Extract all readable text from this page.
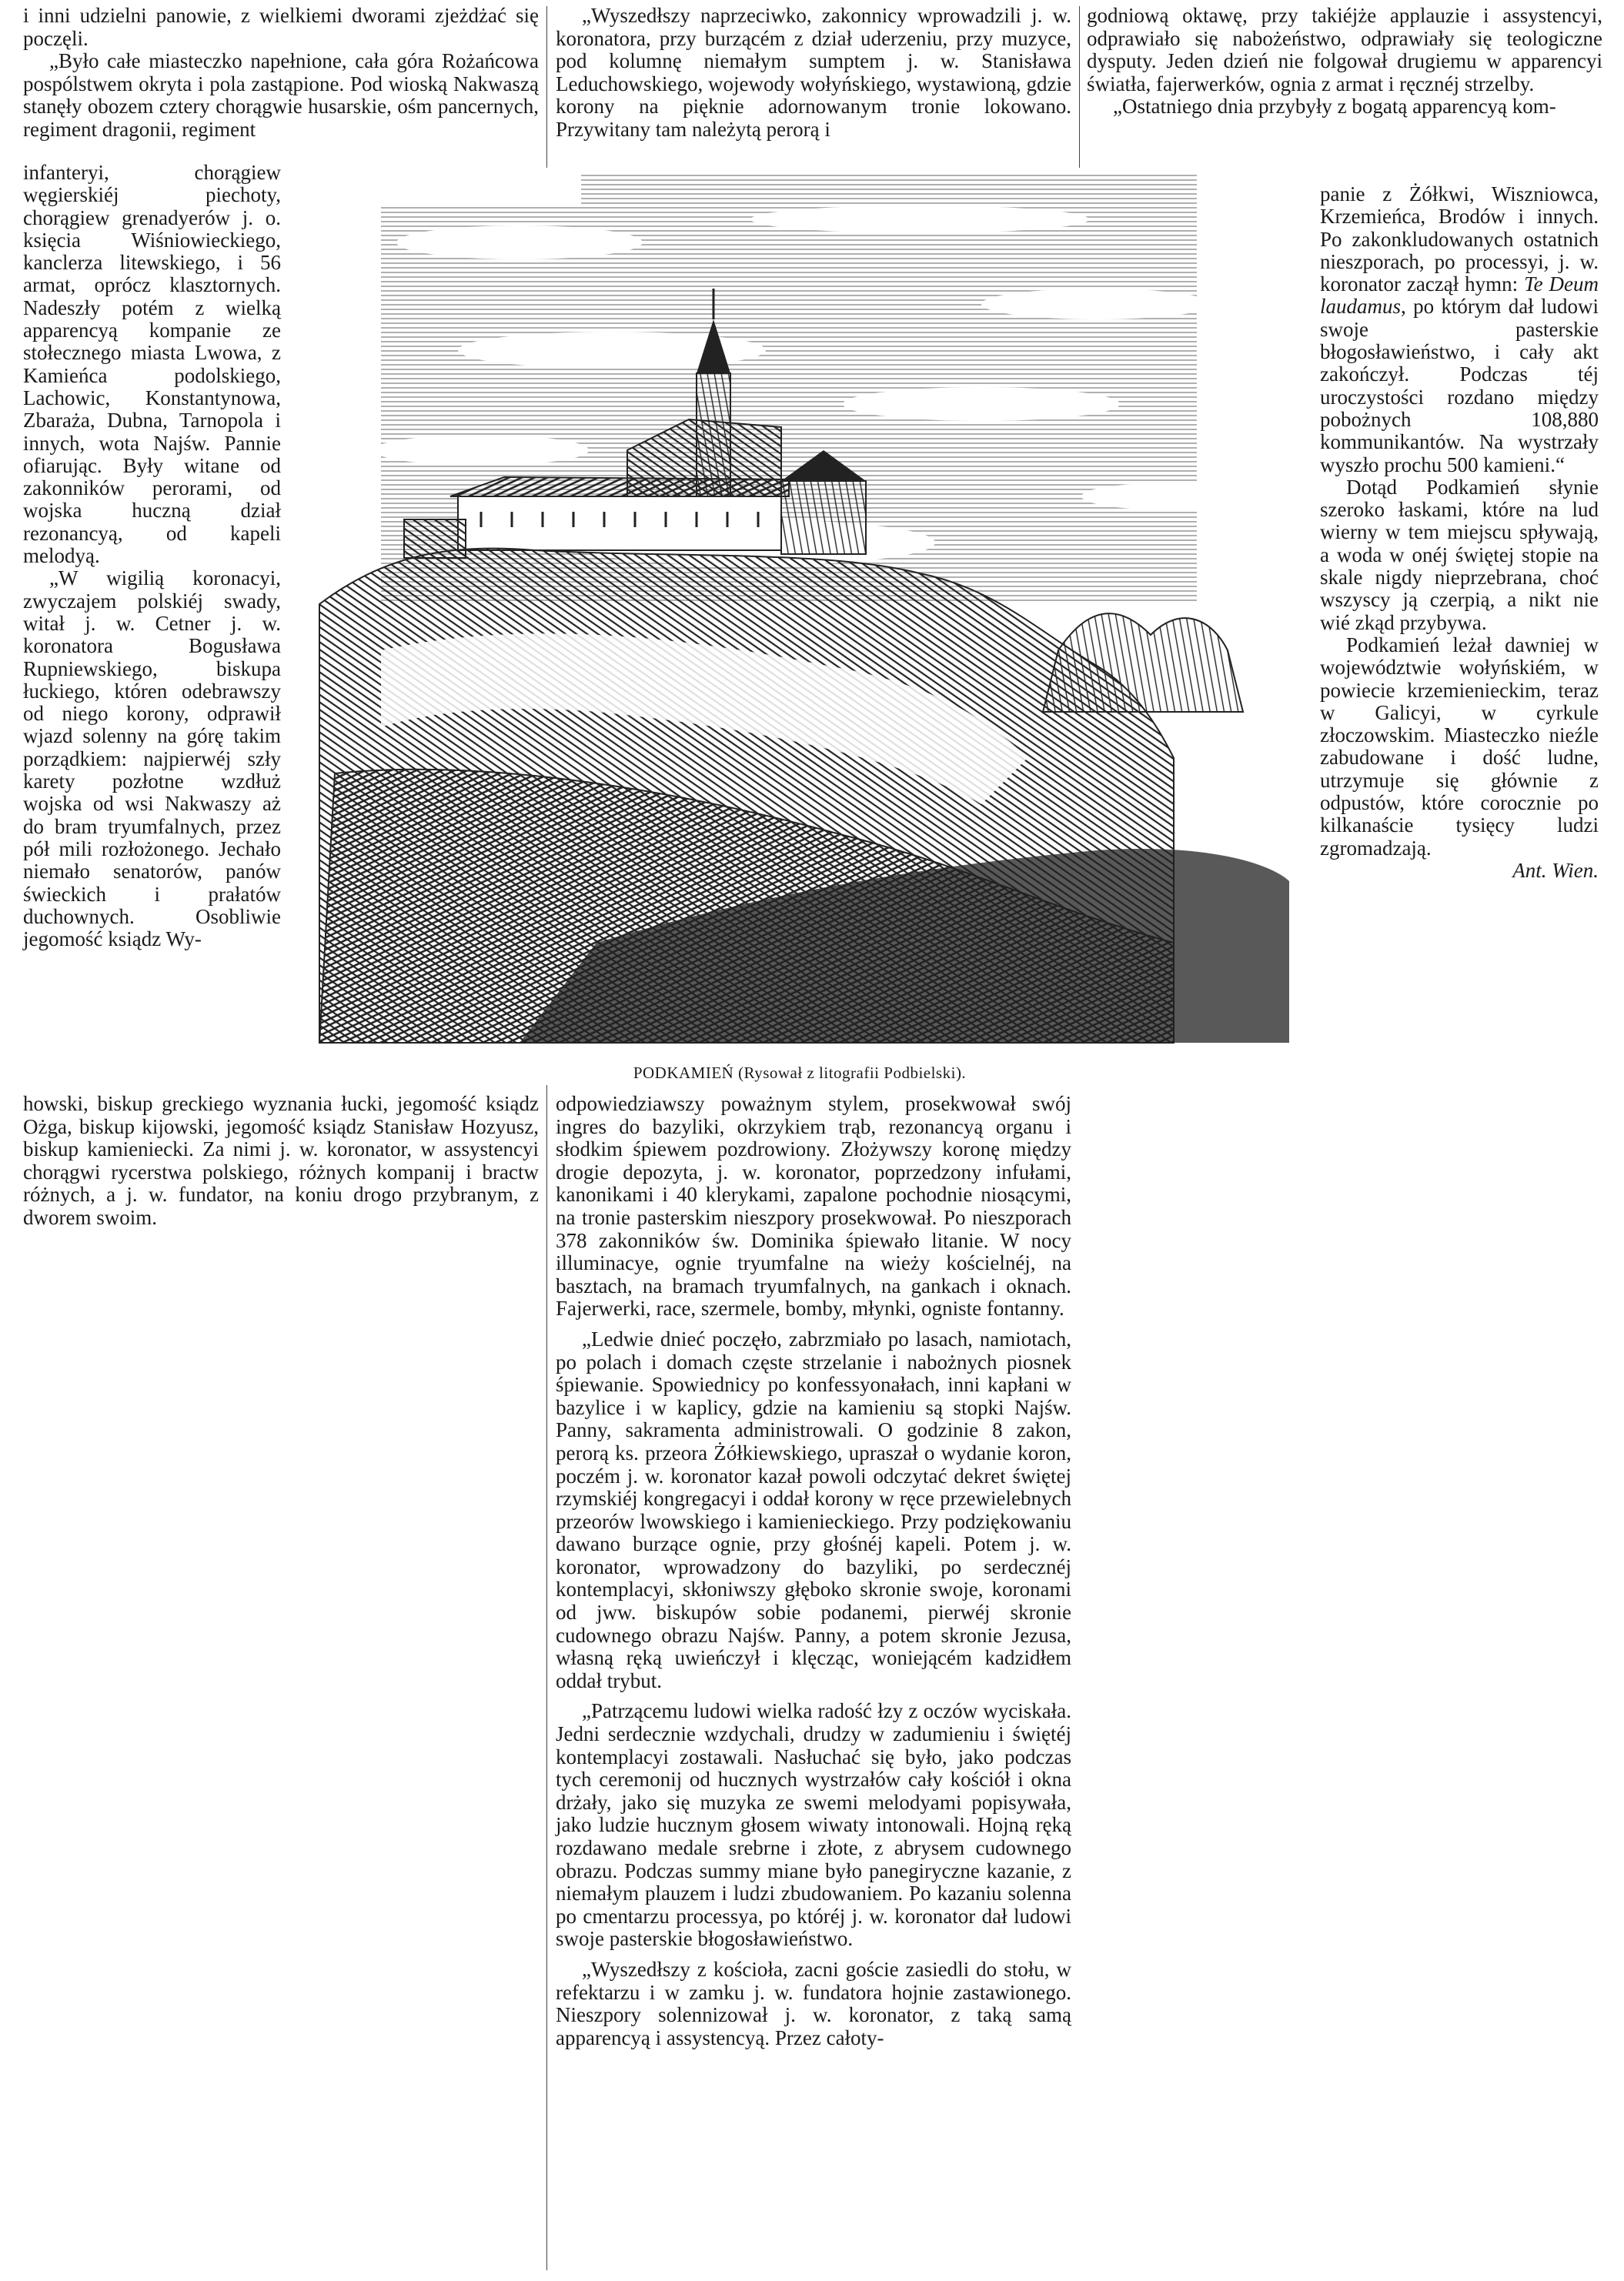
i inni udzielni panowie, z wielkiemi dworami zjeżdżać się poczęli.

„Było całe miasteczko napełnione, cała góra Rożańcowa pospólstwem okryta i pola zastąpione. Pod wioską Nakwaszą stanęły obozem cztery chorągwie husarskie, ośm pancernych, regiment dragonii, regiment

„Wyszedłszy naprzeciwko, zakonnicy wprowadzili j. w. koronatora, przy burzącém z dział uderzeniu, przy muzyce, pod kolumnę niemałym sumptem j. w. Stanisława Leduchowskiego, wojewody wołyńskiego, wystawioną, gdzie korony na pięknie adornowanym tronie lokowano. Przywitany tam należytą perorą i

godniową oktawę, przy takiéjże applauzie i assystencyi, odprawiało się nabożeństwo, odprawiały się teologiczne dysputy. Jeden dzień nie folgował drugiemu w apparencyi światła, fajerwerków, ognia z armat i ręcznéj strzelby.

„Ostatniego dnia przybyły z bogatą apparencyą kom-

infanteryi, chorągiew węgierskiéj piechoty, chorągiew grenadyerów j. o. księcia Wiśniowieckiego, kanclerza litewskiego, i 56 armat, oprócz klasztornych. Nadeszły potém z wielką apparencyą kompanie ze stołecznego miasta Lwowa, z Kamieńca podolskiego, Lachowic, Konstantynowa, Zbaraża, Dubna, Tarnopola i innych, wota Najśw. Pannie ofiarując. Były witane od zakonników perorami, od wojska huczną dział rezonancyą, od kapeli melodyą.

„W wigilią koronacyi, zwyczajem polskiéj swady, witał j. w. Cetner j. w. koronatora Bogusława Rupniewskiego, biskupa łuckiego, któren odebrawszy od niego korony, odprawił wjazd solenny na górę takim porządkiem: najpierwéj szły karety pozłotne wzdłuż wojska od wsi Nakwaszy aż do bram tryumfalnych, przez pół mili rozłożonego. Jechało niemało senatorów, panów świeckich i prałatów duchownych. Osobliwie jegomość ksiądz Wy-

panie z Żółkwi, Wiszniowca, Krzemieńca, Brodów i innych. Po zakonkludowanych ostatnich nieszporach, po processyi, j. w. koronator zaczął hymn: Te Deum laudamus, po którym dał ludowi swoje pasterskie błogosławieństwo, i cały akt zakończył. Podczas téj uroczystości rozdano między pobożnych 108,880 kommunikantów. Na wystrzały wyszło prochu 500 kamieni.“

Dotąd Podkamień słynie szeroko łaskami, które na lud wierny w tem miejscu spływają, a woda w onéj świętej stopie na skale nigdy nieprzebrana, choć wszyscy ją czerpią, a nikt nie wié zkąd przybywa.

Podkamień leżał dawniej w województwie wołyńskiém, w powiecie krzemienieckim, teraz w Galicyi, w cyrkule złoczowskim. Miasteczko nieźle zabudowane i dość ludne, utrzymuje się głównie z odpustów, które corocznie po kilkanaście tysięcy ludzi zgromadzają.

Ant. Wien.

PODKAMIEŃ (Rysował z litografii Podbielski).

howski, biskup greckiego wyznania łucki, jegomość ksiądz Ożga, biskup kijowski, jegomość ksiądz Stanisław Hozyusz, biskup kamieniecki. Za nimi j. w. koronator, w assystencyi chorągwi rycerstwa polskiego, różnych kompanij i bractw różnych, a j. w. fundator, na koniu drogo przybranym, z dworem swoim.

odpowiedziawszy poważnym stylem, prosekwował swój ingres do bazyliki, okrzykiem trąb, rezonancyą organu i słodkim śpiewem pozdrowiony. Złożywszy koronę między drogie depozyta, j. w. koronator, poprzedzony infułami, kanonikami i 40 klerykami, zapalone pochodnie niosącymi, na tronie pasterskim nieszpory prosekwował. Po nieszporach 378 zakonników św. Dominika śpiewało litanie. W nocy illuminacye, ognie tryumfalne na wieży kościelnéj, na basztach, na bramach tryumfalnych, na gankach i oknach. Fajerwerki, race, szermele, bomby, młynki, ogniste fontanny.

„Ledwie dnieć poczęło, zabrzmiało po lasach, namiotach, po polach i domach częste strzelanie i nabożnych piosnek śpiewanie. Spowiednicy po konfessyonałach, inni kapłani w bazylice i w kaplicy, gdzie na kamieniu są stopki Najśw. Panny, sakramenta administrowali. O godzinie 8 zakon, perorą ks. przeora Żółkiewskiego, upraszał o wydanie koron, poczém j. w. koronator kazał powoli odczytać dekret świętej rzymskiéj kongregacyi i oddał korony w ręce przewielebnych przeorów lwowskiego i kamienieckiego. Przy podziękowaniu dawano burzące ognie, przy głośnéj kapeli. Potem j. w. koronator, wprowadzony do bazyliki, po serdecznéj kontemplacyi, skłoniwszy głęboko skronie swoje, koronami od jww. biskupów sobie podanemi, pierwéj skronie cudownego obrazu Najśw. Panny, a potem skronie Jezusa, własną ręką uwieńczył i klęcząc, woniejącém kadzidłem oddał trybut.

„Patrzącemu ludowi wielka radość łzy z oczów wyciskała. Jedni serdecznie wzdychali, drudzy w zadumieniu i świętéj kontemplacyi zostawali. Nasłuchać się było, jako podczas tych ceremonij od hucznych wystrzałów cały kościół i okna drżały, jako się muzyka ze swemi melodyami popisywała, jako ludzie hucznym głosem wiwaty intonowali. Hojną ręką rozdawano medale srebrne i złote, z abrysem cudownego obrazu. Podczas summy miane było panegiryczne kazanie, z niemałym plauzem i ludzi zbudowaniem. Po kazaniu solenna po cmentarzu processya, po któréj j. w. koronator dał ludowi swoje pasterskie błogosławieństwo.

„Wyszedłszy z kościoła, zacni goście zasiedli do stołu, w refektarzu i w zamku j. w. fundatora hojnie zastawionego. Nieszpory solennizował j. w. koronator, z taką samą apparencyą i assystencyą. Przez całoty-
